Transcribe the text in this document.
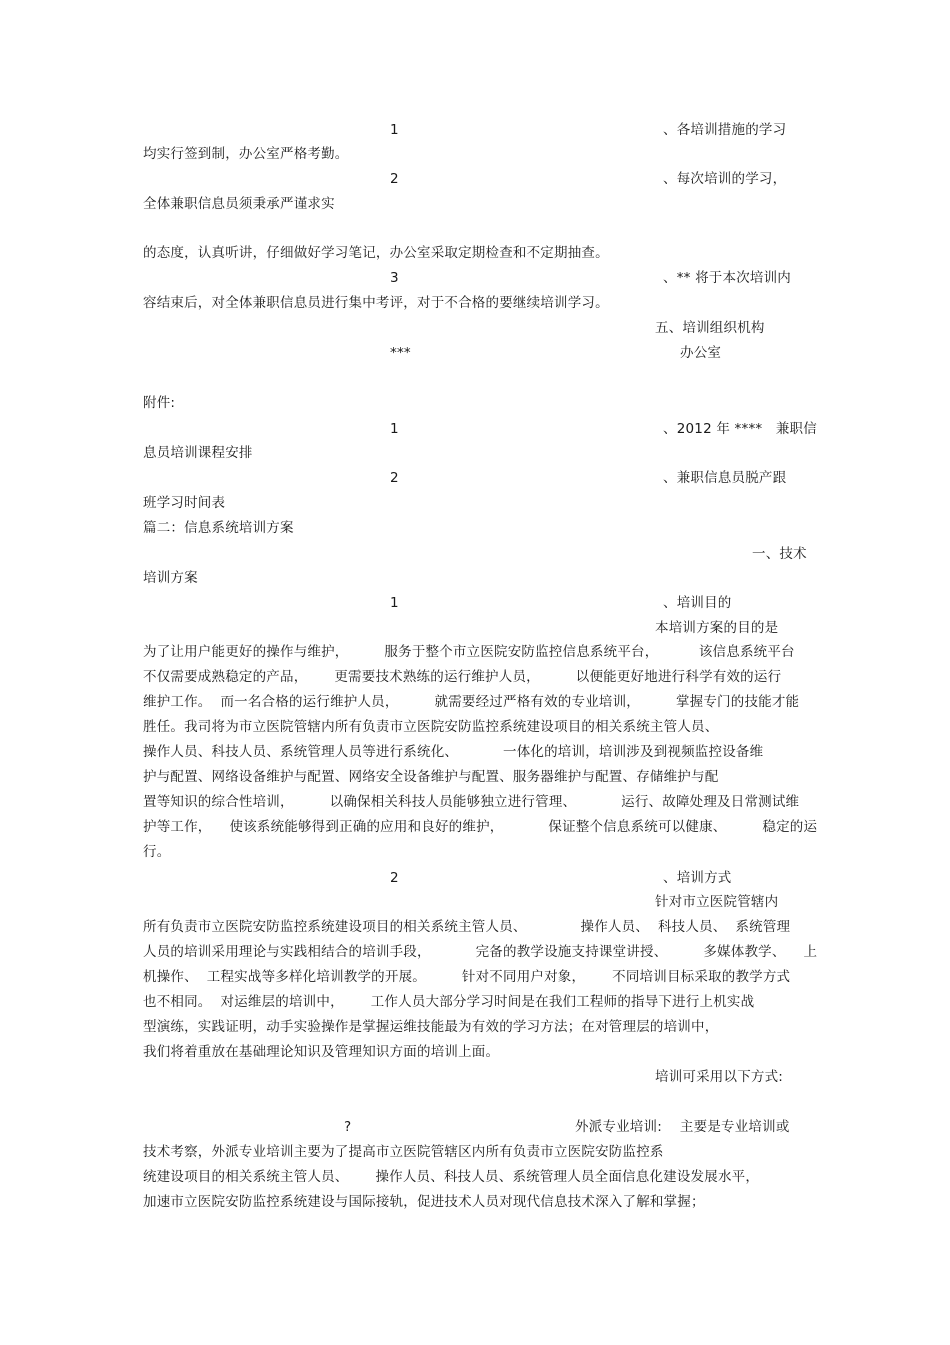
1	、各培训措施的学习
均实行签到制，办公室严格考勤。
2	、每次培训的学习，
全体兼职信息员须秉承严谨求实
的态度，认真听讲，仔细做好学习笔记，办公室采取定期检查和不定期抽查。
3	、** 将于本次培训内
容结束后，对全体兼职信息员进行集中考评，对于不合格的要继续培训学习。
五、培训组织机构
***	办公室
附件:
1	、2012 年 ****   兼职信
息员培训课程安排
2	、兼职信息员脱产跟
班学习时间表
篇二：信息系统培训方案
一、技术
培训方案
1	、培训目的
本培训方案的目的是
为了让用户能更好的操作与维护，        服务于整个市立医院安防监控信息系统平台，         该信息系统平台
不仅需要成熟稳定的产品，      更需要技术熟练的运行维护人员，        以便能更好地进行科学有效的运行
维护工作。  而一名合格的运行维护人员，        就需要经过严格有效的专业培训，        掌握专门的技能才能
胜任。我司将为市立医院管辖内所有负责市立医院安防监控系统建设项目的相关系统主管人员、
操作人员、科技人员、系统管理人员等进行系统化、          一体化的培训，培训涉及到视频监控设备维
护与配置、网络设备维护与配置、网络安全设备维护与配置、服务器维护与配置、存储维护与配
置等知识的综合性培训，        以确保相关科技人员能够独立进行管理、          运行、故障处理及日常测试维
护等工作，    使该系统能够得到正确的应用和良好的维护，          保证整个信息系统可以健康、        稳定的运
行。
2	、培训方式
针对市立医院管辖内
所有负责市立医院安防监控系统建设项目的相关系统主管人员、            操作人员、  科技人员、  系统管理
人员的培训采用理论与实践相结合的培训手段，          完备的教学设施支持课堂讲授、        多媒体教学、    上
机操作、  工程实战等多样化培训教学的开展。        针对不同用户对象，      不同培训目标采取的教学方式
也不相同。  对运维层的培训中，      工作人员大部分学习时间是在我们工程师的指导下进行上机实战
型演练，实践证明，动手实验操作是掌握运维技能最为有效的学习方法；在对管理层的培训中，
我们将着重放在基础理论知识及管理知识方面的培训上面。
培训可采用以下方式:
?	外派专业培训:    主要是专业培训或
技术考察，外派专业培训主要为了提高市立医院管辖区内所有负责市立医院安防监控系
统建设项目的相关系统主管人员、      操作人员、科技人员、系统管理人员全面信息化建设发展水平，
加速市立医院安防监控系统建设与国际接轨，促进技术人员对现代信息技术深入了解和掌握；
